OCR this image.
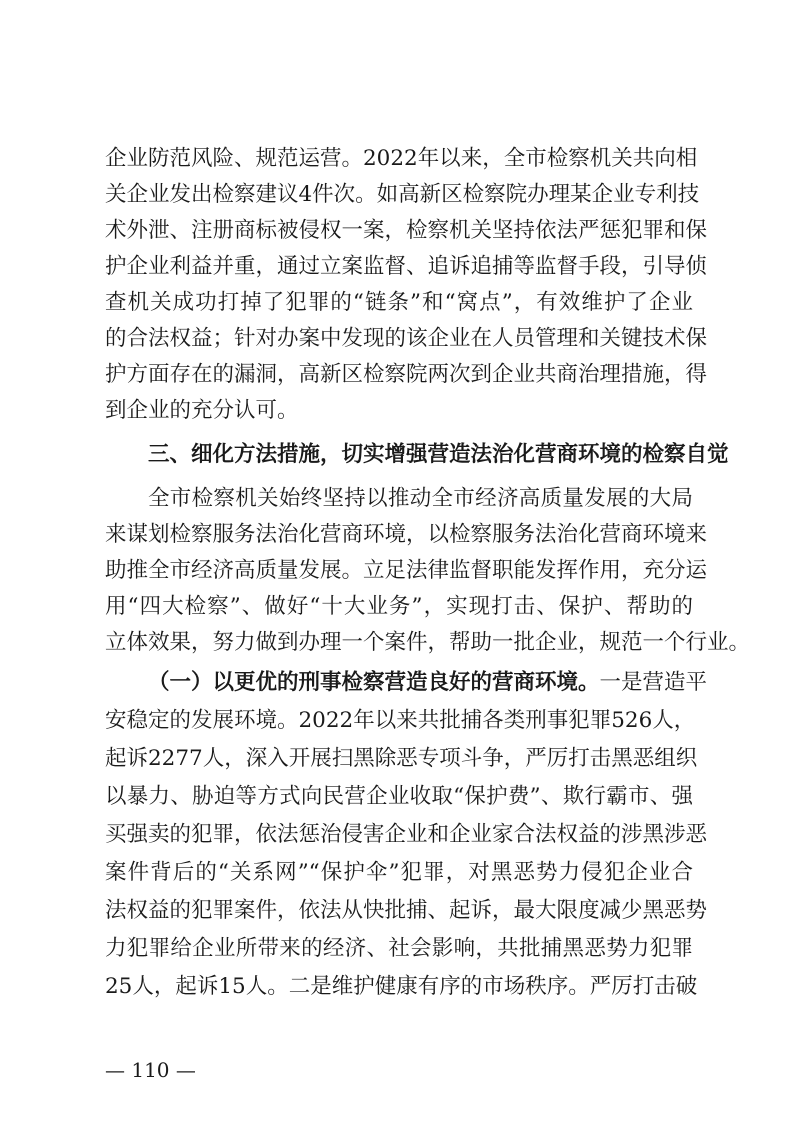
企业防范风险、规范运营。2022年以来，全市检察机关共向相
关企业发出检察建议4件次。如高新区检察院办理某企业专利技
术外泄、注册商标被侵权一案，检察机关坚持依法严惩犯罪和保
护企业利益并重，通过立案监督、追诉追捕等监督手段，引导侦
查机关成功打掉了犯罪的“链条”和“窝点”，有效维护了企业
的合法权益；针对办案中发现的该企业在人员管理和关键技术保
护方面存在的漏洞，高新区检察院两次到企业共商治理措施，得
到企业的充分认可。
三、细化方法措施，切实增强营造法治化营商环境的检察自觉
全市检察机关始终坚持以推动全市经济高质量发展的大局
来谋划检察服务法治化营商环境，以检察服务法治化营商环境来
助推全市经济高质量发展。立足法律监督职能发挥作用，充分运
用“四大检察”、做好“十大业务”，实现打击、保护、帮助的
立体效果，努力做到办理一个案件，帮助一批企业，规范一个行业。
（一）以更优的刑事检察营造良好的营商环境。一是营造平
安稳定的发展环境。2022年以来共批捕各类刑事犯罪526人，
起诉2277人，深入开展扫黑除恶专项斗争，严厉打击黑恶组织
以暴力、胁迫等方式向民营企业收取“保护费”、欺行霸市、强
买强卖的犯罪，依法惩治侵害企业和企业家合法权益的涉黑涉恶
案件背后的“关系网”“保护伞”犯罪，对黑恶势力侵犯企业合
法权益的犯罪案件，依法从快批捕、起诉，最大限度减少黑恶势
力犯罪给企业所带来的经济、社会影响，共批捕黑恶势力犯罪
25人，起诉15人。二是维护健康有序的市场秩序。严厉打击破
— 110 —
